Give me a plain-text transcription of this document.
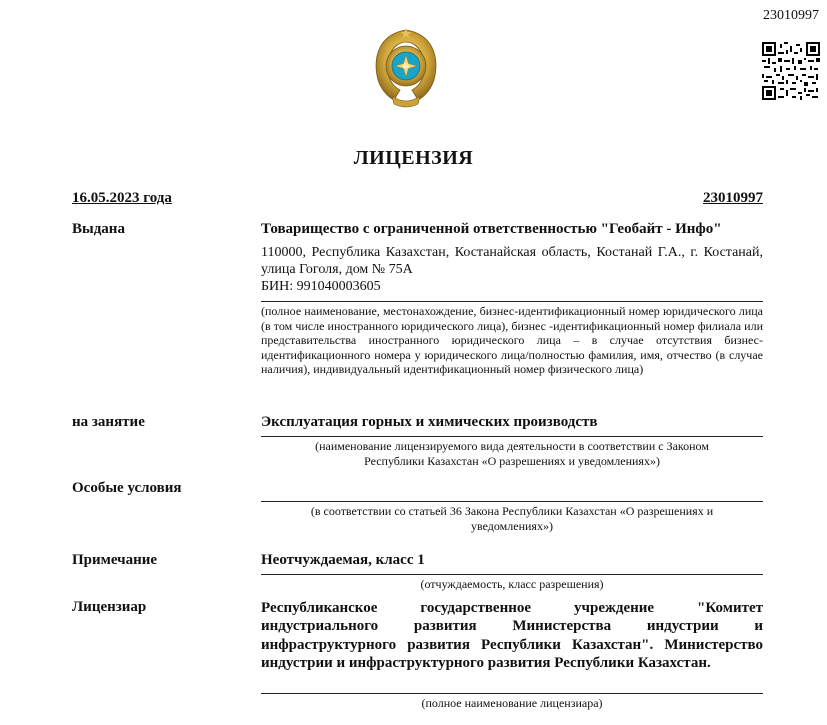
23010997
ЛИЦЕНЗИЯ
16.05.2023 года	23010997
Выдана	Товарищество с ограниченной ответственностью "Геобайт - Инфо"
110000, Республика Казахстан, Костанайская область, Костанай Г.А., г. Костанай, улица Гоголя, дом № 75А
БИН: 991040003605
(полное наименование, местонахождение, бизнес-идентификационный номер юридического лица (в том числе иностранного юридического лица), бизнес -идентификационный номер филиала или представительства иностранного юридического лица – в случае отсутствия бизнес-идентификационного номера у юридического лица/полностью фамилия, имя, отчество (в случае наличия), индивидуальный идентификационный номер физического лица)
на занятие	Эксплуатация горных и химических производств
(наименование лицензируемого вида деятельности в соответствии с Законом Республики Казахстан «О разрешениях и уведомлениях»)
Особые условия
(в соответствии со статьей 36 Закона Республики Казахстан «О разрешениях и уведомлениях»)
Примечание	Неотчуждаемая, класс 1
(отчуждаемость, класс разрешения)
Лицензиар	Республиканское государственное учреждение "Комитет индустриального развития Министерства индустрии и инфраструктурного развития Республики Казахстан". Министерство индустрии и инфраструктурного развития Республики Казахстан.
(полное наименование лицензиара)
